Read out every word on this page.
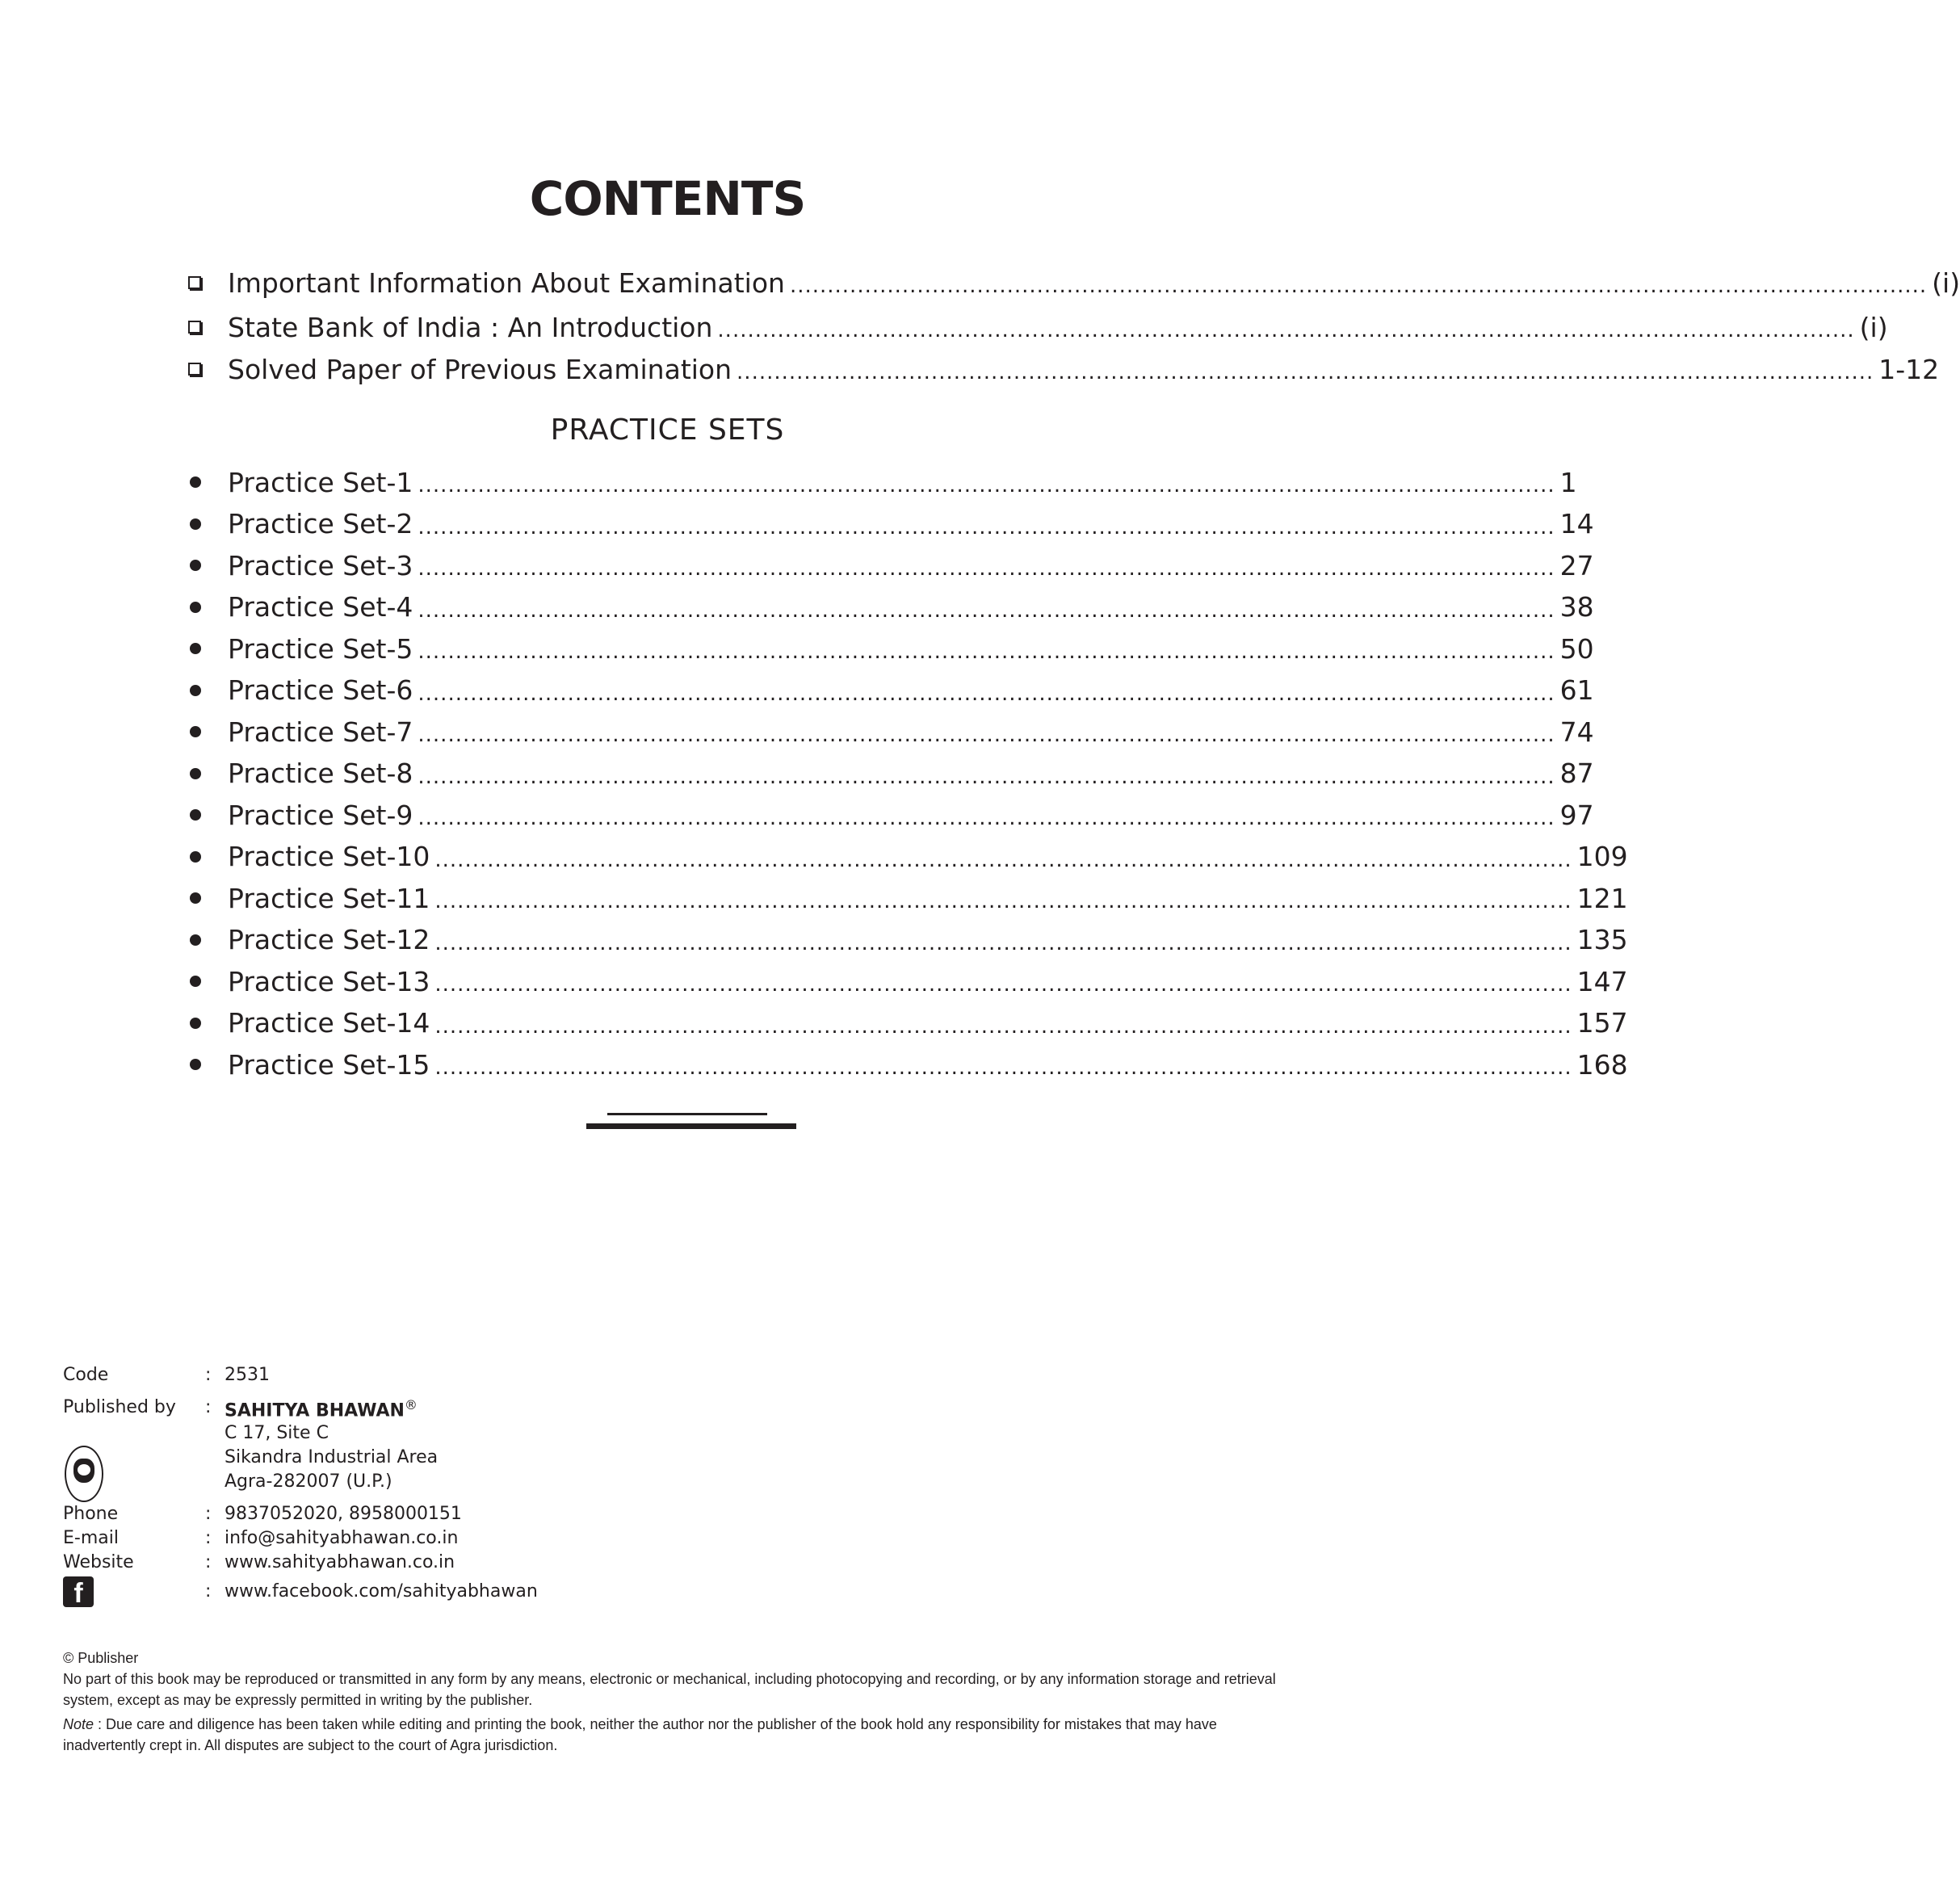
CONTENTS
Important Information About Examination ........................................................................................................................................................ (i)
State Bank of India : An Introduction ........................................................................................................................................................ (i)
Solved Paper of Previous Examination ........................................................................................................................................................ 1-12
PRACTICE SETS
Practice Set-1 ........................................................................................................................................................ 1
Practice Set-2 ........................................................................................................................................................ 14
Practice Set-3 ........................................................................................................................................................ 27
Practice Set-4 ........................................................................................................................................................ 38
Practice Set-5 ........................................................................................................................................................ 50
Practice Set-6 ........................................................................................................................................................ 61
Practice Set-7 ........................................................................................................................................................ 74
Practice Set-8 ........................................................................................................................................................ 87
Practice Set-9 ........................................................................................................................................................ 97
Practice Set-10 ........................................................................................................................................................ 109
Practice Set-11 ........................................................................................................................................................ 121
Practice Set-12 ........................................................................................................................................................ 135
Practice Set-13 ........................................................................................................................................................ 147
Practice Set-14 ........................................................................................................................................................ 157
Practice Set-15 ........................................................................................................................................................ 168
Code	: 2531
Published by	: SAHITYA BHAWAN®
C 17, Site C
Sikandra Industrial Area
Agra-282007 (U.P.)
Phone	: 9837052020, 8958000151
E-mail	: info@sahityabhawan.co.in
Website	: www.sahityabhawan.co.in
f	: www.facebook.com/sahityabhawan
© Publisher
No part of this book may be reproduced or transmitted in any form by any means, electronic or mechanical, including photocopying and recording, or by any information storage and retrieval system, except as may be expressly permitted in writing by the publisher.
Note : Due care and diligence has been taken while editing and printing the book, neither the author nor the publisher of the book hold any responsibility for mistakes that may have inadvertently crept in. All disputes are subject to the court of Agra jurisdiction.
